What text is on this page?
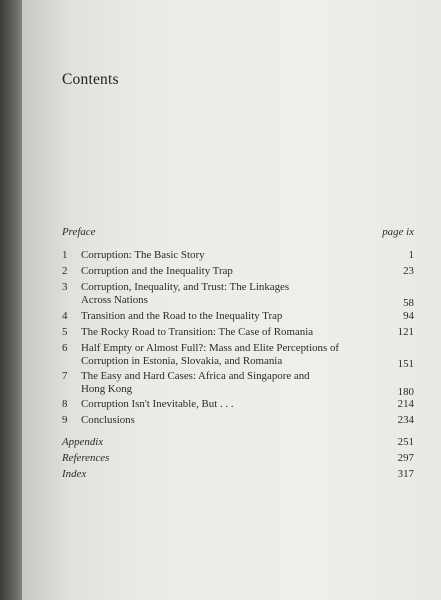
Contents
Preface	page ix
1 Corruption: The Basic Story	1
2 Corruption and the Inequality Trap	23
3 Corruption, Inequality, and Trust: The Linkages
Across Nations	58
4 Transition and the Road to the Inequality Trap	94
5 The Rocky Road to Transition: The Case of Romania	121
6 Half Empty or Almost Full?: Mass and Elite Perceptions of
Corruption in Estonia, Slovakia, and Romania	151
7 The Easy and Hard Cases: Africa and Singapore and
Hong Kong	180
8 Corruption Isn't Inevitable, But . . .	214
9 Conclusions	234
Appendix	251
References	297
Index	317
